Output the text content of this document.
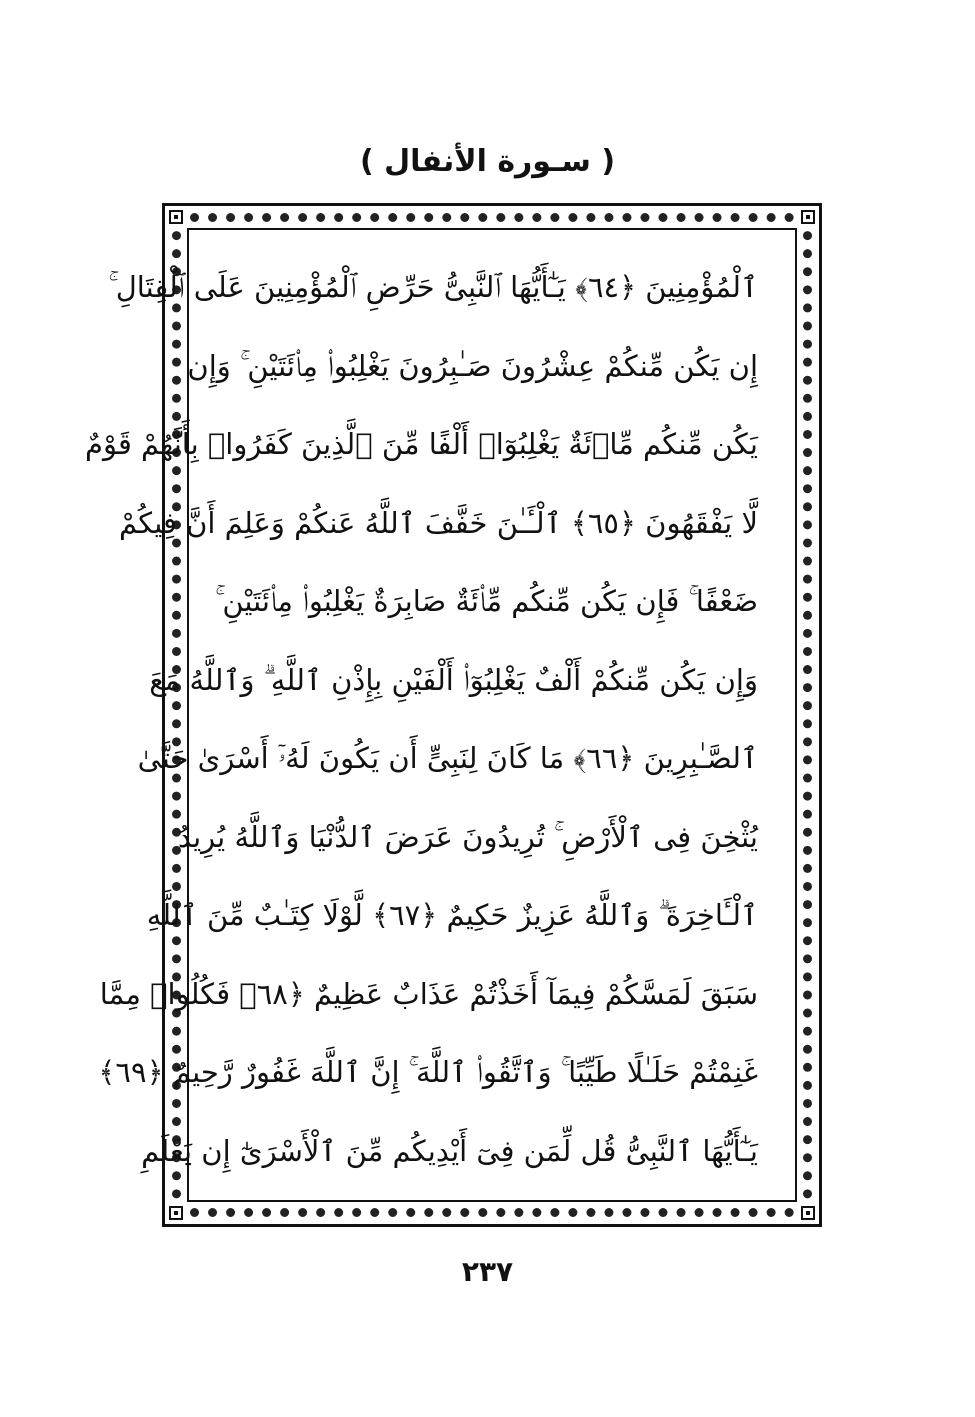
( سـورة الأنفال )
ٱلْمُؤْمِنِينَ ﴿٦٤﴾ يَـٰٓأَيُّهَا ٱلنَّبِىُّ حَرِّضِ ٱلْمُؤْمِنِينَ عَلَى ٱلْقِتَالِ ۚ
إِن يَكُن مِّنكُمْ عِشْرُونَ صَـٰبِرُونَ يَغْلِبُوا۟ مِا۟ئَتَيْنِ ۚ وَإِن
يَكُن مِّنكُم مِّا۟ئَةٌ يَغْلِبُوٓا۟ أَلْفًا مِّنَ ٱلَّذِينَ كَفَرُوا۟ بِأَنَّهُمْ قَوْمٌ
لَّا يَفْقَهُونَ ﴿٦٥﴾ ٱلْـَٔـٰنَ خَفَّفَ ٱللَّهُ عَنكُمْ وَعَلِمَ أَنَّ فِيكُمْ
ضَعْفًا ۚ فَإِن يَكُن مِّنكُم مِّا۟ئَةٌ صَابِرَةٌ يَغْلِبُوا۟ مِا۟ئَتَيْنِ ۚ
وَإِن يَكُن مِّنكُمْ أَلْفٌ يَغْلِبُوٓا۟ أَلْفَيْنِ بِإِذْنِ ٱللَّهِ ۗ وَٱللَّهُ مَعَ
ٱلصَّـٰبِرِينَ ﴿٦٦﴾ مَا كَانَ لِنَبِىٍّ أَن يَكُونَ لَهُۥٓ أَسْرَىٰ حَتَّىٰ
يُثْخِنَ فِى ٱلْأَرْضِ ۚ تُرِيدُونَ عَرَضَ ٱلدُّنْيَا وَٱللَّهُ يُرِيدُ
ٱلْـَٔاخِرَةَ ۗ وَٱللَّهُ عَزِيزٌ حَكِيمٌ ﴿٦٧﴾ لَّوْلَا كِتَـٰبٌ مِّنَ ٱللَّهِ
سَبَقَ لَمَسَّكُمْ فِيمَآ أَخَذْتُمْ عَذَابٌ عَظِيمٌ ﴿٦٨﴾ فَكُلُوا۟ مِمَّا
غَنِمْتُمْ حَلَـٰلًا طَيِّبًا ۚ وَٱتَّقُوا۟ ٱللَّهَ ۚ إِنَّ ٱللَّهَ غَفُورٌ رَّحِيمٌ ﴿٦٩﴾
يَـٰٓأَيُّهَا ٱلنَّبِىُّ قُل لِّمَن فِىٓ أَيْدِيكُم مِّنَ ٱلْأَسْرَىٰٓ إِن يَعْلَمِ
٢٣٧
